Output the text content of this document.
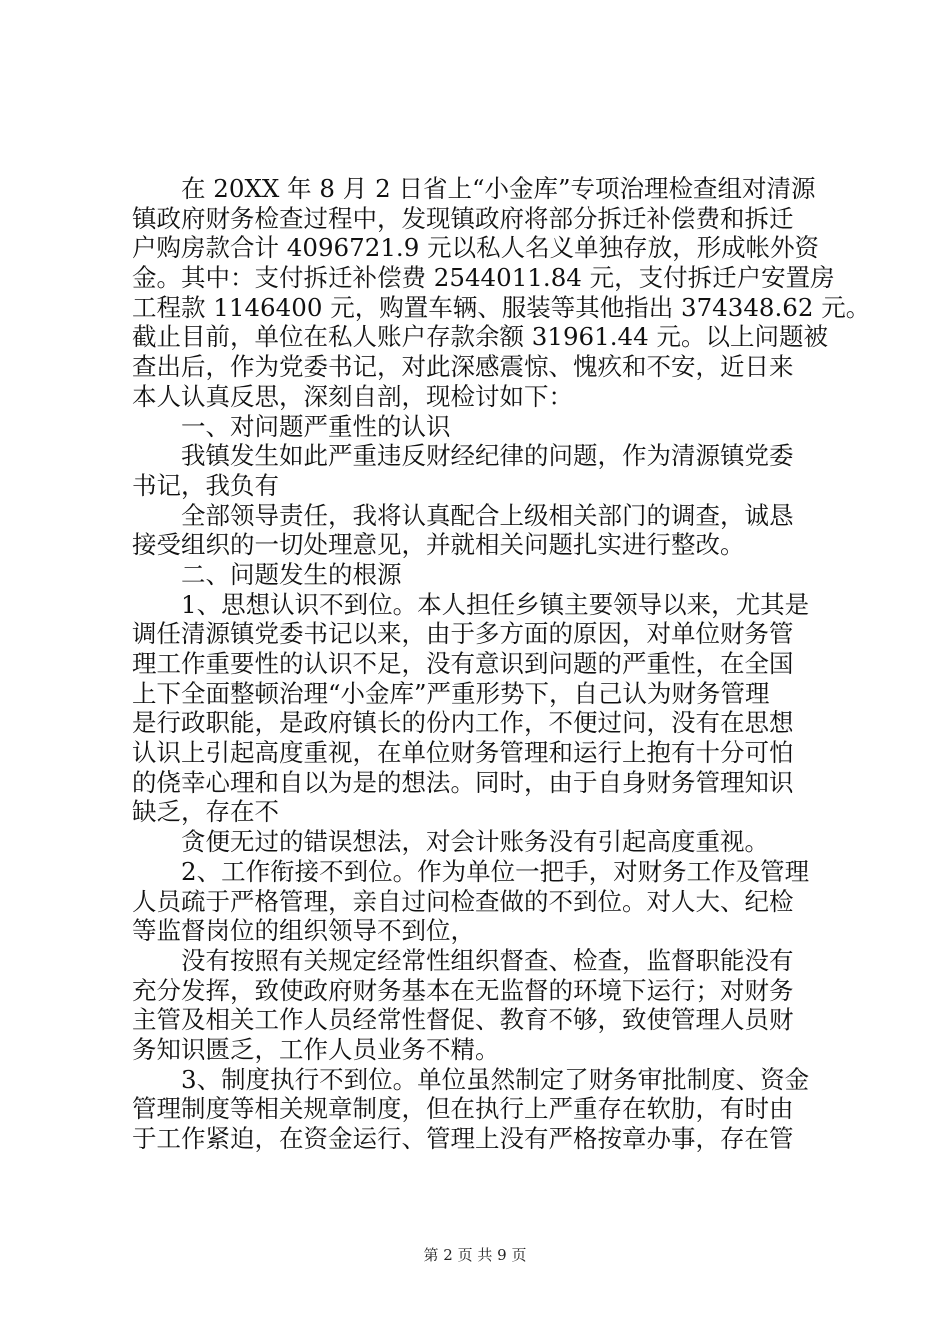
　　在 20XX 年 8 月 2 日省上“小金库”专项治理检查组对清源
镇政府财务检查过程中，发现镇政府将部分拆迁补偿费和拆迁
户购房款合计 4096721.9 元以私人名义单独存放，形成帐外资
金。其中：支付拆迁补偿费 2544011.84 元，支付拆迁户安置房
工程款 1146400 元，购置车辆、服装等其他指出 374348.62 元。
截止目前，单位在私人账户存款余额 31961.44 元。以上问题被
查出后，作为党委书记，对此深感震惊、愧疚和不安，近日来
本人认真反思，深刻自剖，现检讨如下：
　　一、对问题严重性的认识
　　我镇发生如此严重违反财经纪律的问题，作为清源镇党委
书记，我负有
　　全部领导责任，我将认真配合上级相关部门的调查，诚恳
接受组织的一切处理意见，并就相关问题扎实进行整改。
　　二、问题发生的根源
　　1、思想认识不到位。本人担任乡镇主要领导以来，尤其是
调任清源镇党委书记以来，由于多方面的原因，对单位财务管
理工作重要性的认识不足，没有意识到问题的严重性，在全国
上下全面整顿治理“小金库”严重形势下，自己认为财务管理
是行政职能，是政府镇长的份内工作，不便过问，没有在思想
认识上引起高度重视，在单位财务管理和运行上抱有十分可怕
的侥幸心理和自以为是的想法。同时，由于自身财务管理知识
缺乏，存在不
　　贪便无过的错误想法，对会计账务没有引起高度重视。
　　2、工作衔接不到位。作为单位一把手，对财务工作及管理
人员疏于严格管理，亲自过问检查做的不到位。对人大、纪检
等监督岗位的组织领导不到位，
　　没有按照有关规定经常性组织督查、检查，监督职能没有
充分发挥，致使政府财务基本在无监督的环境下运行；对财务
主管及相关工作人员经常性督促、教育不够，致使管理人员财
务知识匮乏，工作人员业务不精。
　　3、制度执行不到位。单位虽然制定了财务审批制度、资金
管理制度等相关规章制度，但在执行上严重存在软肋，有时由
于工作紧迫，在资金运行、管理上没有严格按章办事，存在管
第 2 页 共 9 页
